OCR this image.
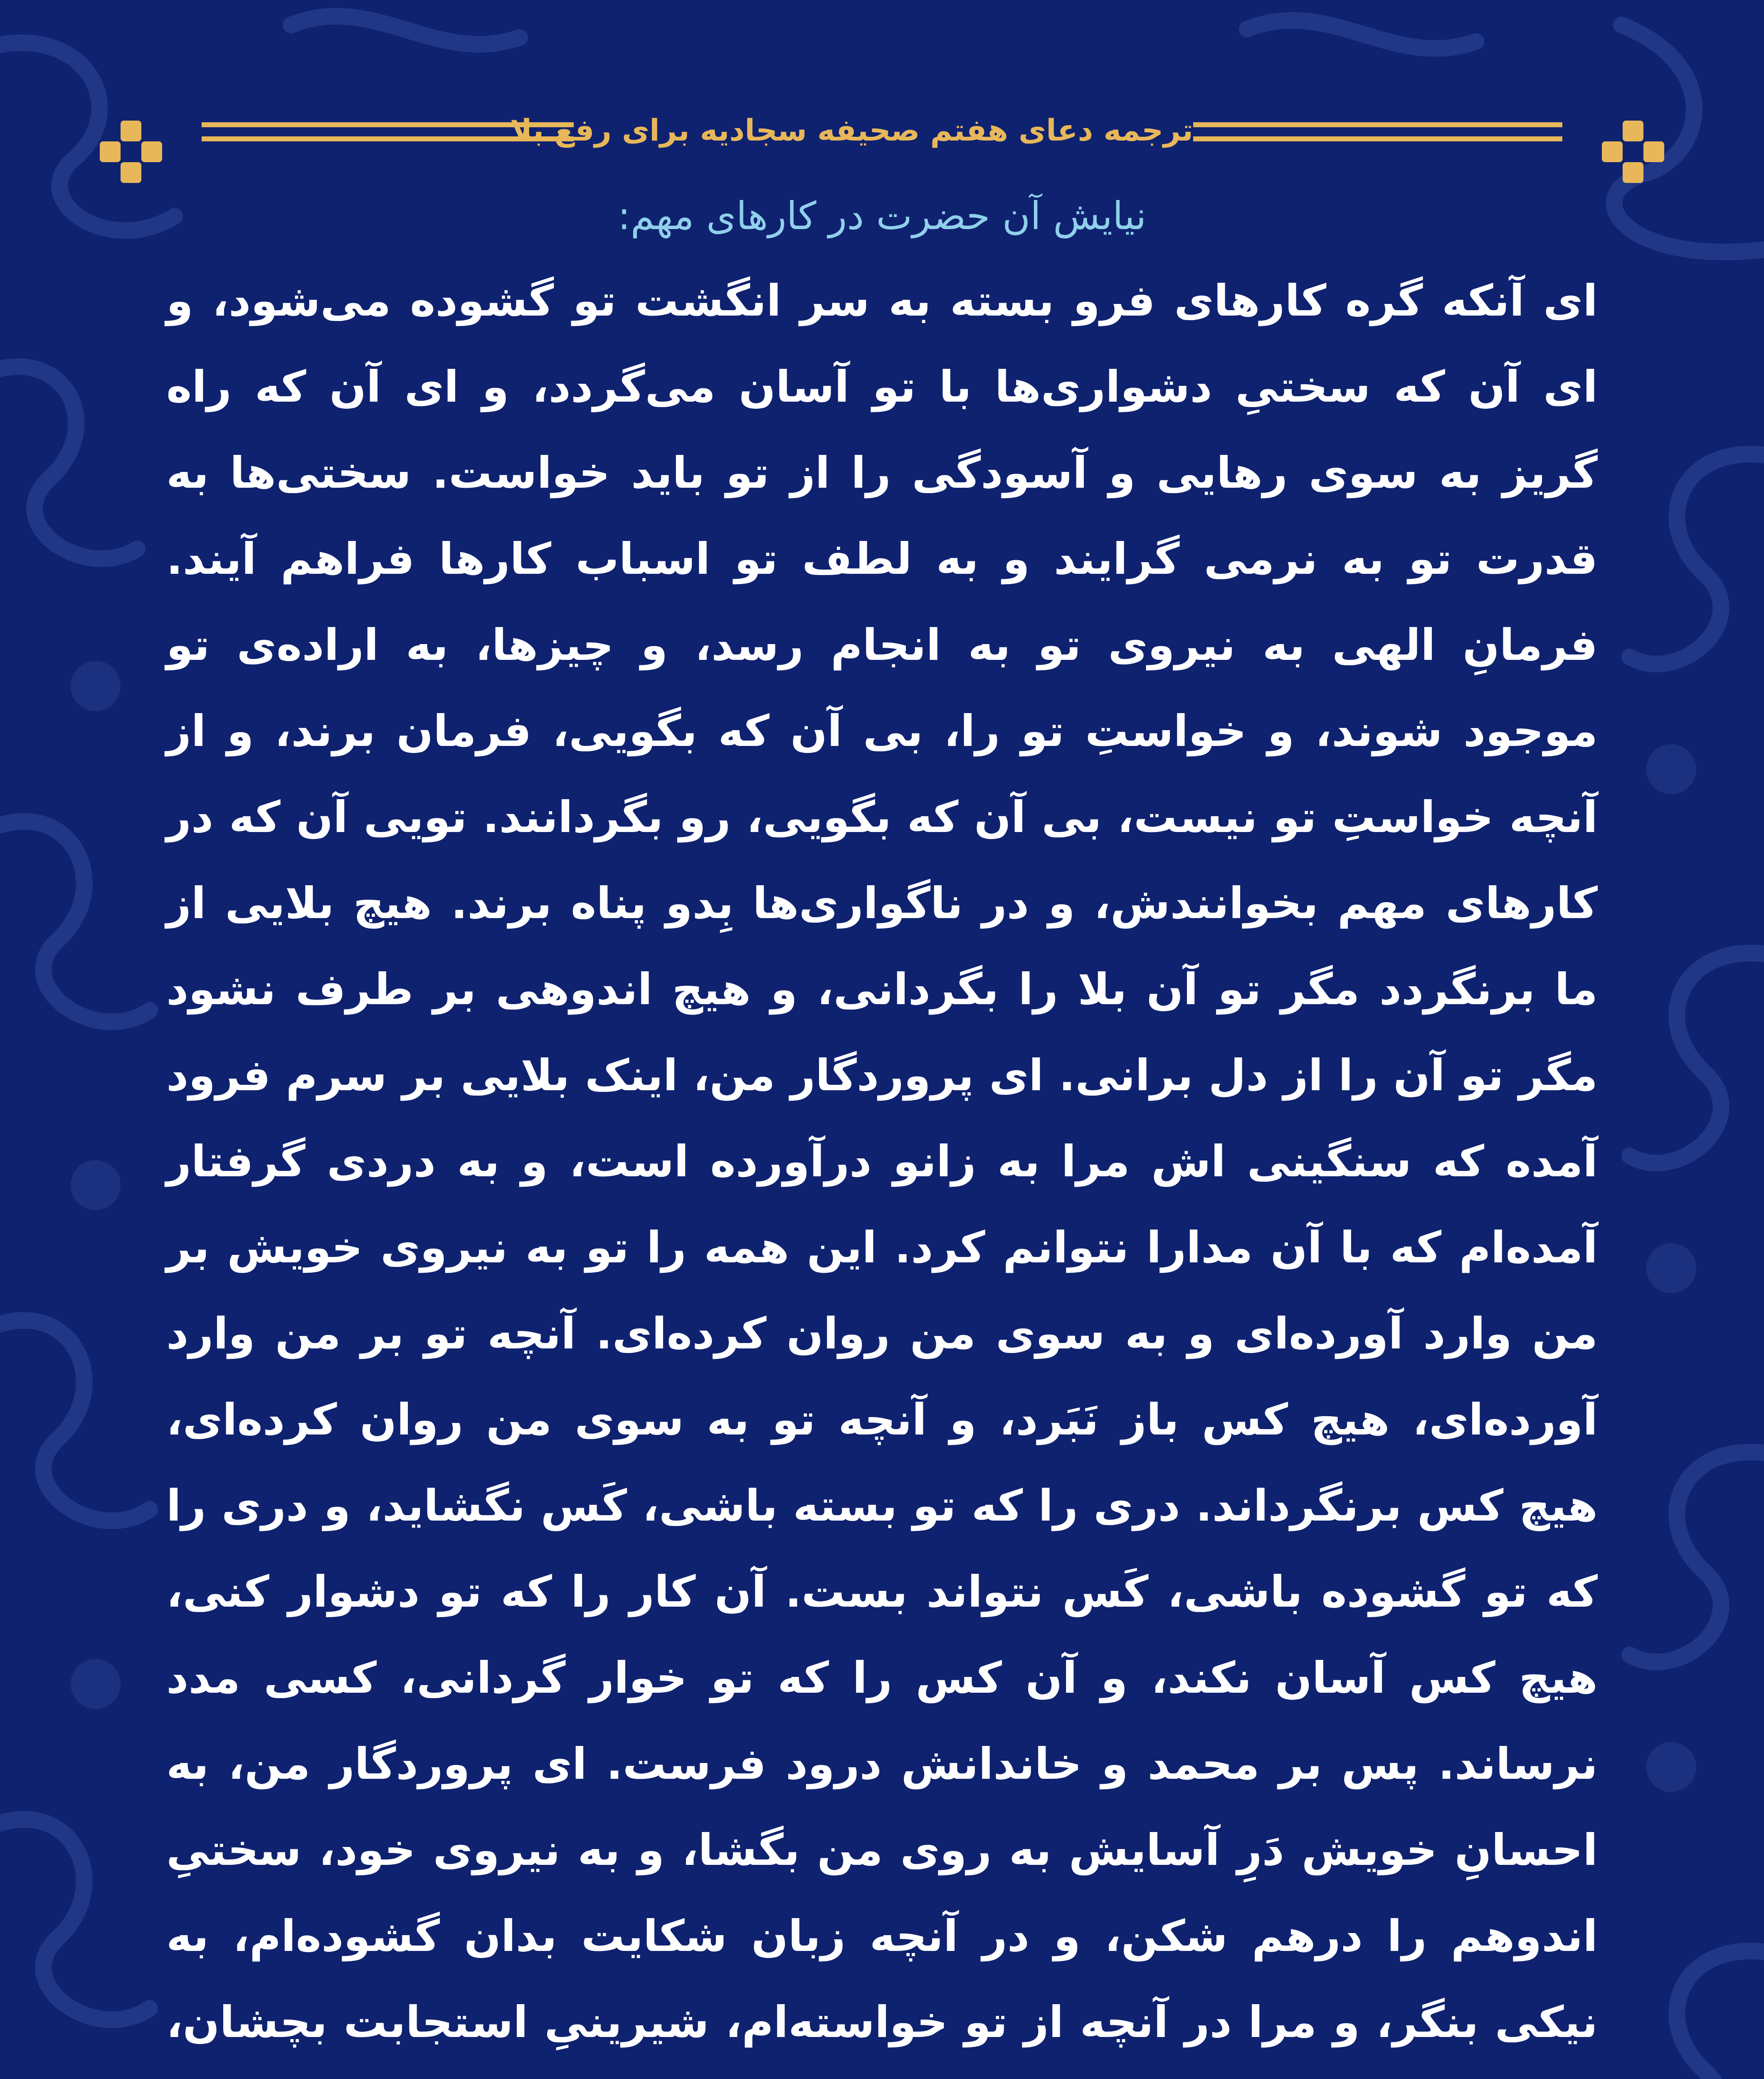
ترجمه دعای هفتم صحیفه سجادیه برای رفع بلا
نیایش آن حضرت در کارهای مهم:
ای آنکه گره کارهای فرو بسته به سر انگشت تو گشوده می‌شود، و ای آن که سختیِ دشواری‌ها با تو آسان می‌گردد، و ای آن که راه گریز به سوی رهایی و آسودگی را از تو باید خواست. سختی‌ها به قدرت تو به نرمی گرایند و به لطف تو اسباب کارها فراهم آیند. فرمانِ الهی به نیروی تو به انجام رسد، و چیزها، به اراده‌ی تو موجود شوند، و خواستِ تو را، بی آن که بگویی، فرمان برند، و از آنچه خواستِ تو نیست، بی آن که بگویی، رو بگردانند. تویی آن که در کارهای مهم بخوانندش، و در ناگواری‌ها بِدو پناه برند. هیچ بلایی از ما برنگردد مگر تو آن بلا را بگردانی، و هیچ اندوهی بر طرف نشود مگر تو آن را از دل برانی. ای پروردگار من، اینک بلایی بر سرم فرود آمده که سنگینی اش مرا به زانو درآورده است، و به دردی گرفتار آمده‌ام که با آن مدارا نتوانم کرد. این همه را تو به نیروی خویش بر من وارد آورده‌ای و به سوی من روان کرده‌ای. آنچه تو بر من وارد آورده‌ای، هیچ کس باز نَبَرد، و آنچه تو به سوی من روان کرده‌ای، هیچ کس برنگرداند. دری را که تو بسته باشی، کَس نگشاید، و دری را که تو گشوده باشی، کَس نتواند بست. آن کار را که تو دشوار کنی، هیچ کس آسان نکند، و آن کس را که تو خوار گردانی، کسی مدد نرساند. پس بر محمد و خاندانش درود فرست. ای پروردگار من، به احسانِ خویش دَرِ آسایش به روی من بگشا، و به نیروی خود، سختیِ اندوهم را درهم شکن، و در آنچه زبان شکایت بدان گشوده‌ام، به نیکی بنگر، و مرا در آنچه از تو خواسته‌ام، شیرینیِ استجابت بچشان،
